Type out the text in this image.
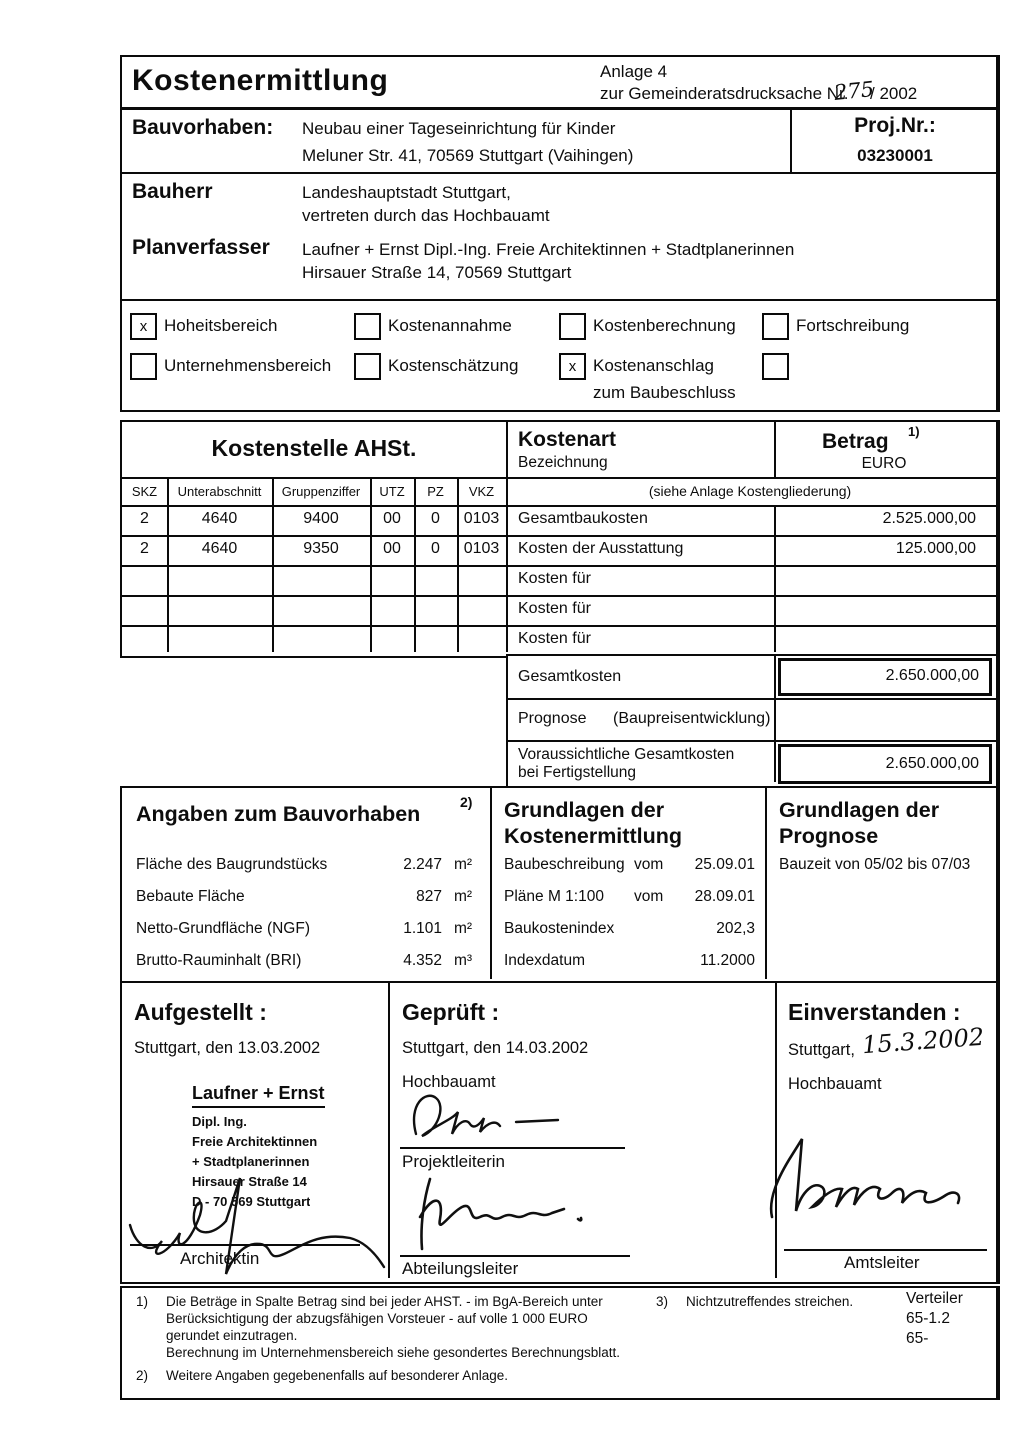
Kostenermittlung	Anlage 4
zur Gemeinderatsdrucksache Nr.
275
/ 2002
Bauvorhaben: Neubau einer Tageseinrichtung für Kinder
Meluner Str. 41, 70569 Stuttgart (Vaihingen)
Proj.Nr.:
03230001
Bauherr	Landeshauptstadt Stuttgart,
vertreten durch das Hochbauamt
Planverfasser Laufner + Ernst Dipl.-Ing. Freie Architektinnen + Stadtplanerinnen
Hirsauer Straße 14, 70569 Stuttgart
x Hoheitsbereich	Kostenannahme	Kostenberechnung	Fortschreibung
Unternehmensbereich	Kostenschätzung	x Kostenanschlag
zum Baubeschluss
Kostenstelle AHSt.	Kostenart
Bezeichnung
Betrag 1)
EURO
SKZ	Unterabschnitt	Gruppenziffer	UTZ	PZ	VKZ	(siehe Anlage Kostengliederung)
2	4640	9400	00	0	0103	Gesamtbaukosten	2.525.000,00
2	4640	9350	00	0	0103	Kosten der Ausstattung	125.000,00
Kosten für
Kosten für
Kosten für
Gesamtkosten	2.650.000,00
Prognose (Baupreisentwicklung)
Voraussichtliche Gesamtkosten
bei Fertigstellung
2.650.000,00
Angaben zum Bauvorhaben	2)
Fläche des Baugrundstücks	2.247 m²
Bebaute Fläche	827 m²
Netto-Grundfläche (NGF)	1.101 m²
Brutto-Rauminhalt (BRI)	4.352 m³
Grundlagen der
Kostenermittlung
Baubeschreibung vom	25.09.01
Pläne M 1:100 vom	28.09.01
Baukostenindex	202,3
Indexdatum	11.2000
Grundlagen der
Prognose
Bauzeit von 05/02 bis 07/03
Aufgestellt :
Stuttgart, den 13.03.2002
Laufner + Ernst
Dipl. Ing.
Freie Architektinnen
+ Stadtplanerinnen
Hirsauer Straße 14
D - 70 569 Stuttgart
Architektin
Geprüft :
Stuttgart, den 14.03.2002
Hochbauamt
Projektleiterin
Abteilungsleiter
Einverstanden :
Stuttgart, 15.3.2002
Hochbauamt
Amtsleiter
1) Die Beträge in Spalte Betrag sind bei jeder AHST. - im BgA-Bereich unter
Berücksichtigung der abzugsfähigen Vorsteuer - auf volle 1 000 EURO
gerundet einzutragen.
Berechnung im Unternehmensbereich siehe gesondertes Berechnungsblatt.
2) Weitere Angaben gegebenenfalls auf besonderer Anlage.
3) Nichtzutreffendes streichen.	Verteiler
65-1.2
65-
